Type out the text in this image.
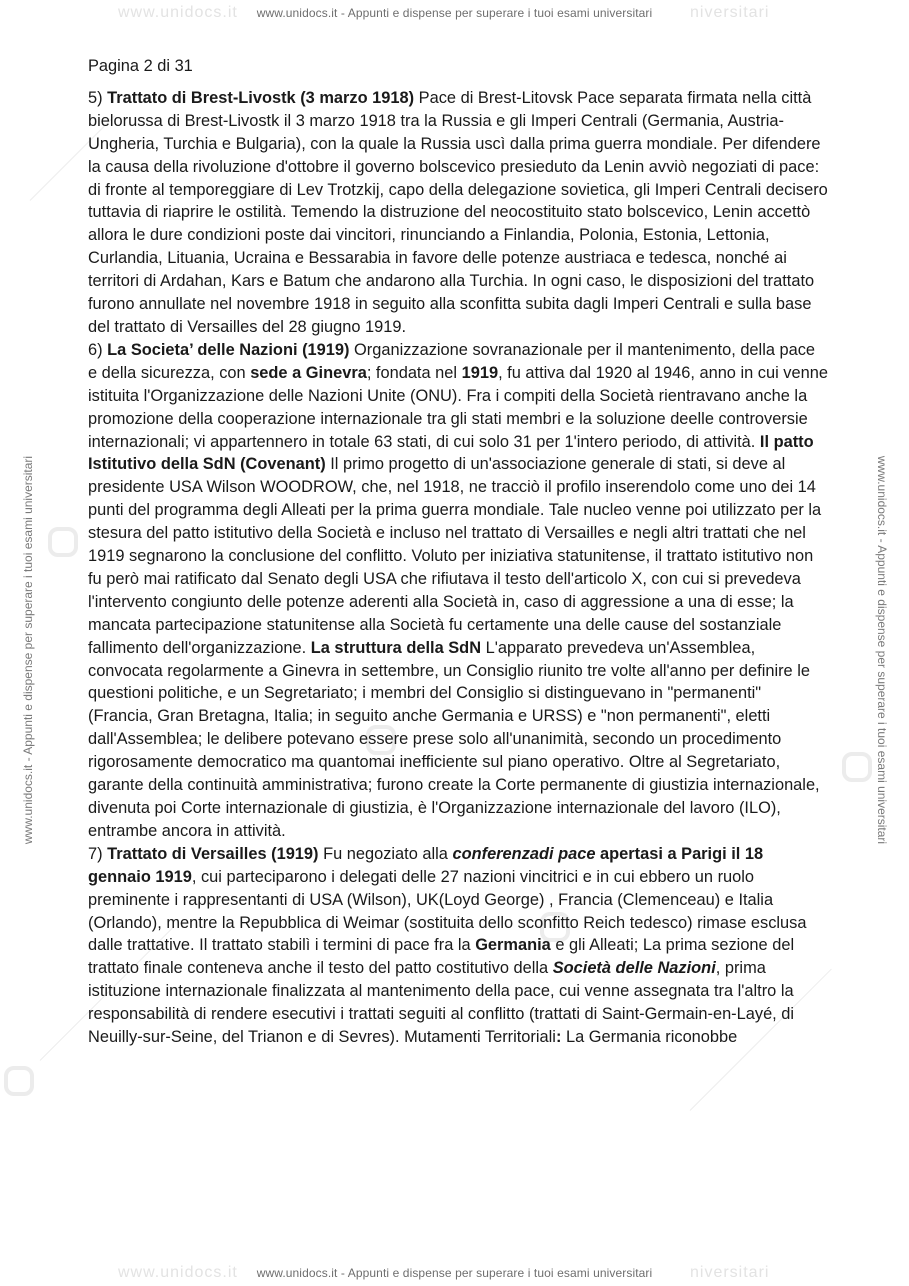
www.unidocs.it	niversitari
www.unidocs.it	niversitari
www.unidocs.it - Appunti e dispense per superare i tuoi esami universitari
www.unidocs.it - Appunti e dispense per superare i tuoi esami universitari
www.unidocs.it - Appunti e dispense per superare i tuoi esami universitari	www.unidocs.it - Appunti e dispense per superare i tuoi esami universitari

Pagina 2 di 31

5) Trattato di Brest-Livostk (3 marzo 1918) Pace di Brest-Litovsk Pace separata firmata nella città bielorussa di Brest-Livostk il 3 marzo 1918 tra la Russia e gli Imperi Centrali (Germania, Austria-Ungheria, Turchia e Bulgaria), con la quale la Russia uscì dalla prima guerra mondiale. Per difendere la causa della rivoluzione d'ottobre il governo bolscevico presieduto da Lenin avviò negoziati di pace: di fronte al temporeggiare di Lev Trotzkij, capo della delegazione sovietica, gli Imperi Centrali decisero tuttavia di riaprire le ostilità. Temendo la distruzione del neocostituito stato bolscevico, Lenin accettò allora le dure condizioni poste dai vincitori, rinunciando a Finlandia, Polonia, Estonia, Lettonia, Curlandia, Lituania, Ucraina e Bessarabia in favore delle potenze austriaca e tedesca, nonché ai territori di Ardahan, Kars e Batum che andarono alla Turchia. In ogni caso, le disposizioni del trattato furono annullate nel novembre 1918 in seguito alla sconfitta subita dagli Imperi Centrali e sulla base del trattato di Versailles del 28 giugno 1919.

6) La Societa’ delle Nazioni (1919) Organizzazione sovranazionale per il mantenimento, della pace e della sicurezza, con sede a Ginevra; fondata nel 1919, fu attiva dal 1920 al 1946, anno in cui venne istituita l'Organizzazione delle Nazioni Unite (ONU). Fra i compiti della Società rientravano anche la promozione della cooperazione internazionale tra gli stati membri e la soluzione deelle controversie internazionali; vi appartennero in totale 63 stati, di cui solo 31 per 1'intero periodo, di attività. Il patto Istitutivo della SdN (Covenant) Il primo progetto di un'associazione generale di stati, si deve al presidente USA Wilson WOODROW, che, nel 1918, ne tracciò il profilo inserendolo come uno dei 14 punti del programma degli Alleati per la prima guerra mondiale. Tale nucleo venne poi utilizzato per la stesura del patto istitutivo della Società e incluso nel trattato di Versailles e negli altri trattati che nel 1919 segnarono la conclusione del conflitto. Voluto per iniziativa statunitense, il trattato istitutivo non fu però mai ratificato dal Senato degli USA che rifiutava il testo dell'articolo X, con cui si prevedeva l'intervento congiunto delle potenze aderenti alla Società in, caso di aggressione a una di esse; la mancata partecipazione statunitense alla Società fu certamente una delle cause del sostanziale fallimento dell'organizzazione. La struttura della SdN L'apparato prevedeva un'Assemblea, convocata regolarmente a Ginevra in settembre, un Consiglio riunito tre volte all'anno per definire le questioni politiche, e un Segretariato; i membri del Consiglio si distinguevano in "permanenti" (Francia, Gran Bretagna, Italia; in seguito anche Germania e URSS) e "non permanenti", eletti dall'Assemblea; le delibere potevano essere prese solo all'unanimità, secondo un procedimento rigorosamente democratico ma quantomai inefficiente sul piano operativo. Oltre al Segretariato, garante della continuità amministrativa; furono create la Corte permanente di giustizia internazionale, divenuta poi Corte internazionale di giustizia, è l'Organizzazione internazionale del lavoro (ILO), entrambe ancora in attività.

7) Trattato di Versailles (1919) Fu negoziato alla conferenzadi pace apertasi a Parigi il 18 gennaio 1919, cui parteciparono i delegati delle 27 nazioni vincitrici e in cui ebbero un ruolo preminente i rappresentanti di USA (Wilson), UK(Loyd George) , Francia (Clemenceau) e Italia (Orlando), mentre la Repubblica di Weimar (sostituita dello sconfitto Reich tedesco) rimase esclusa dalle trattative. Il trattato stabilì i termini di pace fra la Germania e gli Alleati; La prima sezione del trattato finale conteneva anche il testo del patto costitutivo della Società delle Nazioni, prima istituzione internazionale finalizzata al mantenimento della pace, cui venne assegnata tra l'altro la responsabilità di rendere esecutivi i trattati seguiti al conflitto (trattati di Saint-Germain-en-Layé, di Neuilly-sur-Seine, del Trianon e di Sevres). Mutamenti Territoriali: La Germania riconobbe
